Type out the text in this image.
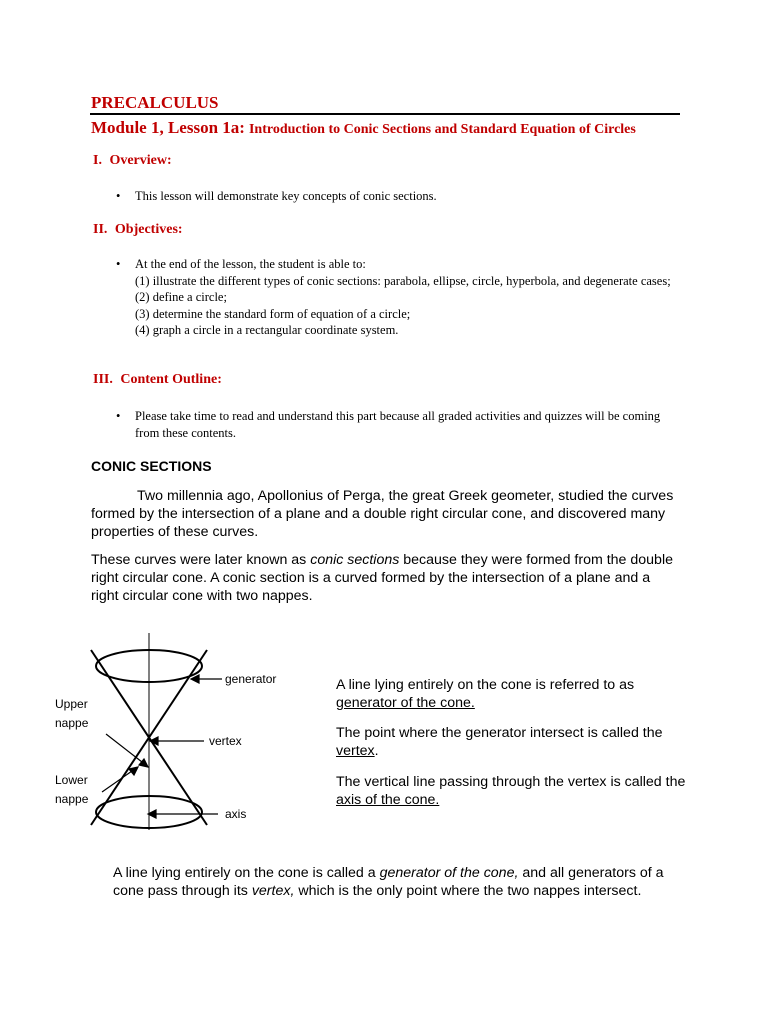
PRECALCULUS
Module 1, Lesson 1a: Introduction to Conic Sections and Standard Equation of Circles
I. Overview:
• This lesson will demonstrate key concepts of conic sections.
II. Objectives:
• At the end of the lesson, the student is able to:
(1) illustrate the different types of conic sections: parabola, ellipse, circle, hyperbola, and degenerate cases;
(2) define a circle;
(3) determine the standard form of equation of a circle;
(4) graph a circle in a rectangular coordinate system.
III. Content Outline:
• Please take time to read and understand this part because all graded activities and quizzes will be coming from these contents.
CONIC SECTIONS

Two millennia ago, Apollonius of Perga, the great Greek geometer, studied the curves formed by the intersection of a plane and a double right circular cone, and discovered many properties of these curves.

These curves were later known as conic sections because they were formed from the double right circular cone. A conic section is a curved formed by the intersection of a plane and a right circular cone with two nappes.

generator
Upper
nappe
vertex
Lower
nappe
axis

A line lying entirely on the cone is referred to as generator of the cone.

The point where the generator intersect is called the vertex.

The vertical line passing through the vertex is called the axis of the cone.

A line lying entirely on the cone is called a generator of the cone, and all generators of a cone pass through its vertex, which is the only point where the two nappes intersect.
